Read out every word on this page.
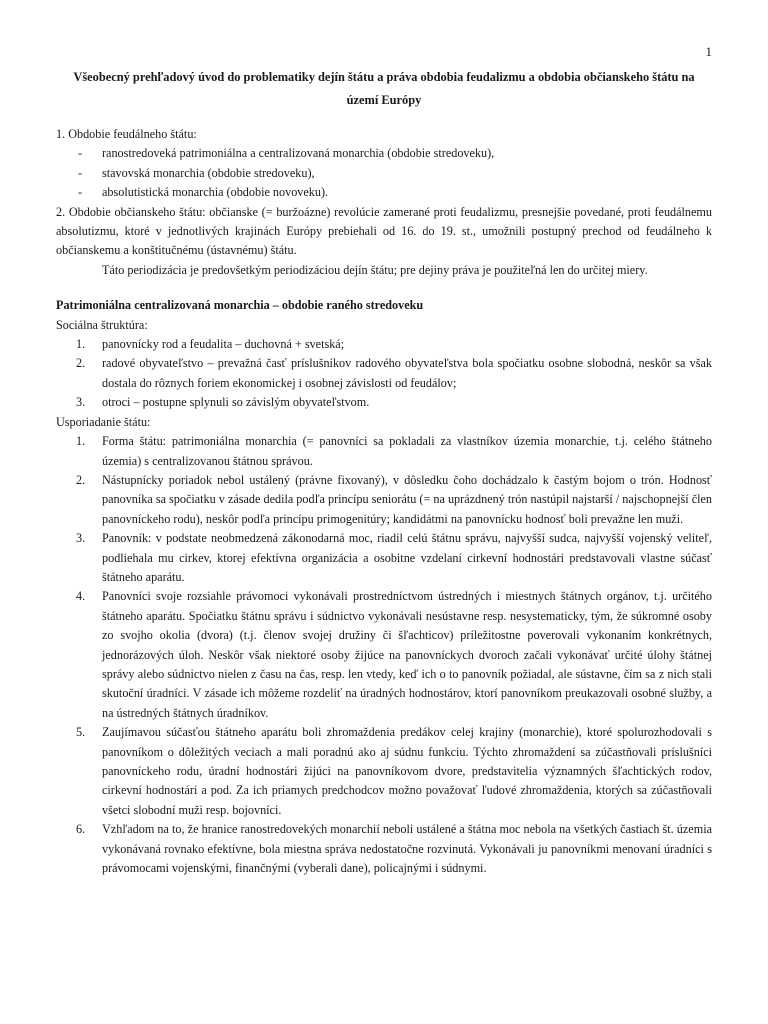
1
Všeobecný prehľadový úvod do problematiky dejín štátu a práva obdobia feudalizmu a obdobia občianskeho štátu na území Európy

1. Obdobie feudálneho štátu:

-	ranostredoveká patrimoniálna a centralizovaná monarchia (obdobie stredoveku),
-	stavovská monarchia (obdobie stredoveku),
-	absolutistická monarchia (obdobie novoveku).

2. Obdobie občianskeho štátu: občianske (= buržoázne) revolúcie zamerané proti feudalizmu, presnejšie povedané, proti feudálnemu absolutizmu, ktoré v jednotlivých krajinách Európy prebiehali od 16. do 19. st., umožnili postupný prechod od feudálneho k občianskemu a konštitučnému (ústavnému) štátu.

Táto periodizácia je predovšetkým periodizáciou dejín štátu; pre dejiny práva je použiteľná len do určitej miery.

Patrimoniálna centralizovaná monarchia – obdobie raného stredoveku

Sociálna štruktúra:

1.	panovnícky rod a feudalita – duchovná + svetská;
2.	radové obyvateľstvo – prevažná časť príslušníkov radového obyvateľstva bola spočiatku osobne slobodná, neskôr sa však dostala do rôznych foriem ekonomickej i osobnej závislosti od feudálov;
3.	otroci – postupne splynuli so závislým obyvateľstvom.

Usporiadanie štátu:

1.	Forma štátu: patrimoniálna monarchia (= panovníci sa pokladali za vlastníkov územia monarchie, t.j. celého štátneho územia) s centralizovanou štátnou správou.
2.	Nástupnícky poriadok nebol ustálený (právne fixovaný), v dôsledku čoho dochádzalo k častým bojom o trón. Hodnosť panovníka sa spočiatku v zásade dedila podľa princípu seniorátu (= na uprázdnený trón nastúpil najstarší / najschopnejší člen panovníckeho rodu), neskôr podľa princípu primogenitúry; kandidátmi na panovnícku hodnosť boli prevažne len muži.
3.	Panovník: v podstate neobmedzená zákonodarná moc, riadil celú štátnu správu, najvyšší sudca, najvyšší vojenský veliteľ, podliehala mu cirkev, ktorej efektívna organizácia a osobitne vzdelaní cirkevní hodnostári predstavovali vlastne súčasť štátneho aparátu.
4.	Panovníci svoje rozsiahle právomoci vykonávali prostredníctvom ústredných i miestnych štátnych orgánov, t.j. určitého štátneho aparátu. Spočiatku štátnu správu i súdnictvo vykonávali nesústavne resp. nesystematicky, tým, že súkromné osoby zo svojho okolia (dvora) (t.j. členov svojej družiny či šľachticov) príležitostne poverovali vykonaním konkrétnych, jednorázových úloh. Neskôr však niektoré osoby žijúce na panovníckych dvoroch začali vykonávať určité úlohy štátnej správy alebo súdnictvo nielen z času na čas, resp. len vtedy, keď ich o to panovník požiadal, ale sústavne, čím sa z nich stali skutoční úradníci. V zásade ich môžeme rozdeliť na úradných hodnostárov, ktorí panovníkom preukazovali osobné služby, a na ústredných štátnych úradníkov.
5.	Zaujímavou súčasťou štátneho aparátu boli zhromaždenia predákov celej krajiny (monarchie), ktoré spolurozhodovali s panovníkom o dôležitých veciach a mali poradnú ako aj súdnu funkciu. Týchto zhromaždení sa zúčastňovali príslušníci panovníckeho rodu, úradní hodnostári žijúci na panovníkovom dvore, predstavitelia významných šľachtických rodov, cirkevní hodnostári a pod. Za ich priamych predchodcov možno považovať ľudové zhromaždenia, ktorých sa zúčastňovali všetci slobodní muži resp. bojovníci.
6.	Vzhľadom na to, že hranice ranostredovekých monarchií neboli ustálené a štátna moc nebola na všetkých častiach št. územia vykonávaná rovnako efektívne, bola miestna správa nedostatočne rozvinutá. Vykonávali ju panovníkmi menovaní úradníci s právomocami vojenskými, finančnými (vyberali dane), policajnými i súdnymi.
